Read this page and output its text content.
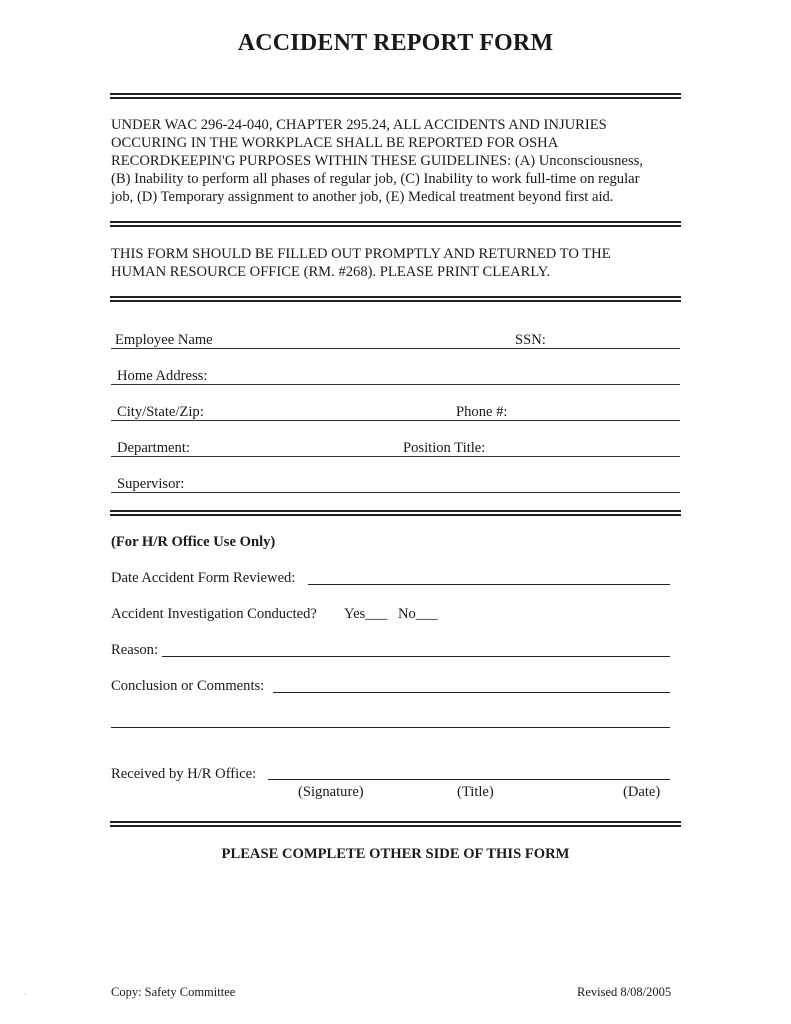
ACCIDENT REPORT FORM
UNDER WAC 296-24-040, CHAPTER 295.24, ALL ACCIDENTS AND INJURIES
OCCURING IN THE WORKPLACE SHALL BE REPORTED FOR OSHA
RECORDKEEPIN'G PURPOSES WITHIN THESE GUIDELINES: (A) Unconsciousness,
(B) Inability to perform all phases of regular job, (C) Inability to work full-time on regular
job, (D) Temporary assignment to another job, (E) Medical treatment beyond first aid.
THIS FORM SHOULD BE FILLED OUT PROMPTLY AND RETURNED TO THE
HUMAN RESOURCE OFFICE (RM. #268). PLEASE PRINT CLEARLY.
Employee Name	SSN:
Home Address:
City/State/Zip:	Phone #:
Department:	Position Title:
Supervisor:
(For H/R Office Use Only)
Date Accident Form Reviewed:
Accident Investigation Conducted? Yes___ No___
Reason:
Conclusion or Comments:
Received by H/R Office:
(Signature)	(Title)	(Date)
PLEASE COMPLETE OTHER SIDE OF THIS FORM
Copy: Safety Committee	Revised 8/08/2005
▫
